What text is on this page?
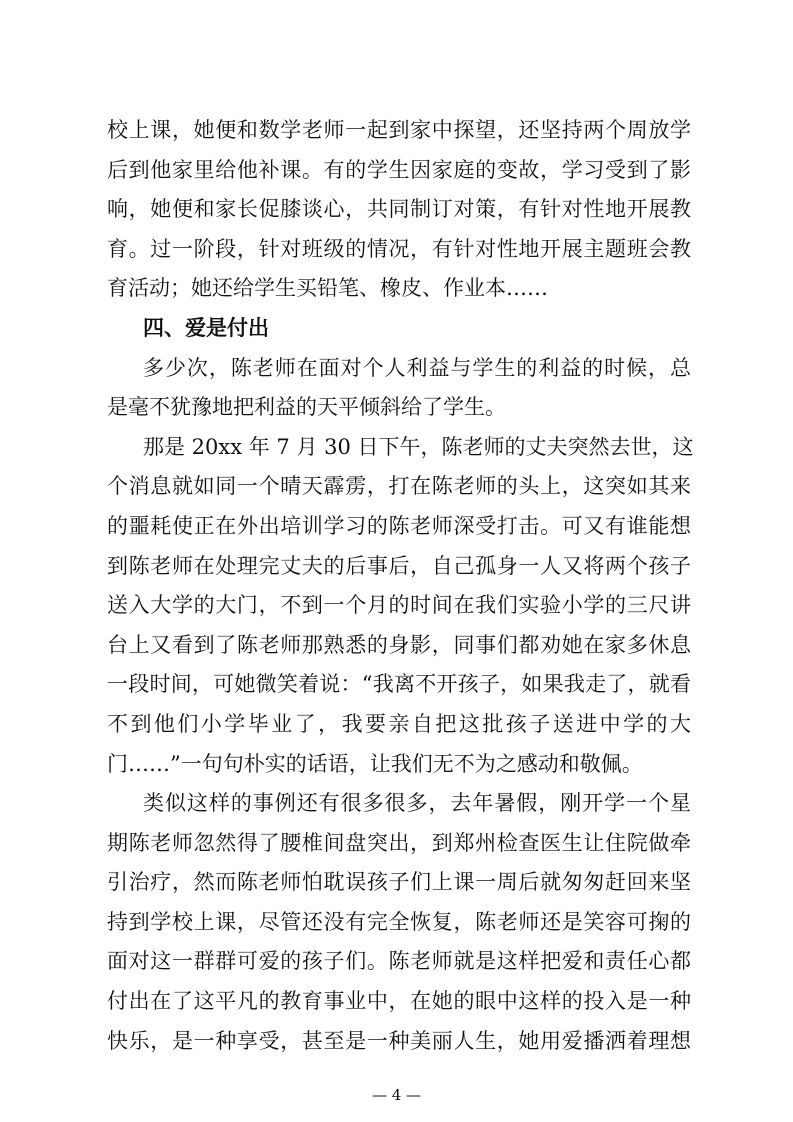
校上课，她便和数学老师一起到家中探望，还坚持两个周放学
后到他家里给他补课。有的学生因家庭的变故，学习受到了影
响，她便和家长促膝谈心，共同制订对策，有针对性地开展教
育。过一阶段，针对班级的情况，有针对性地开展主题班会教
育活动；她还给学生买铅笔、橡皮、作业本……
四、爱是付出
多少次，陈老师在面对个人利益与学生的利益的时候，总
是毫不犹豫地把利益的天平倾斜给了学生。
那是 20xx 年 7 月 30 日下午，陈老师的丈夫突然去世，这
个消息就如同一个晴天霹雳，打在陈老师的头上，这突如其来
的噩耗使正在外出培训学习的陈老师深受打击。可又有谁能想
到陈老师在处理完丈夫的后事后，自己孤身一人又将两个孩子
送入大学的大门，不到一个月的时间在我们实验小学的三尺讲
台上又看到了陈老师那熟悉的身影，同事们都劝她在家多休息
一段时间，可她微笑着说：“我离不开孩子，如果我走了，就看
不到他们小学毕业了，我要亲自把这批孩子送进中学的大
门……”一句句朴实的话语，让我们无不为之感动和敬佩。
类似这样的事例还有很多很多，去年暑假，刚开学一个星
期陈老师忽然得了腰椎间盘突出，到郑州检查医生让住院做牵
引治疗，然而陈老师怕耽误孩子们上课一周后就匆匆赶回来坚
持到学校上课，尽管还没有完全恢复，陈老师还是笑容可掬的
面对这一群群可爱的孩子们。陈老师就是这样把爱和责任心都
付出在了这平凡的教育事业中，在她的眼中这样的投入是一种
快乐，是一种享受，甚至是一种美丽人生，她用爱播洒着理想
— 4 —
